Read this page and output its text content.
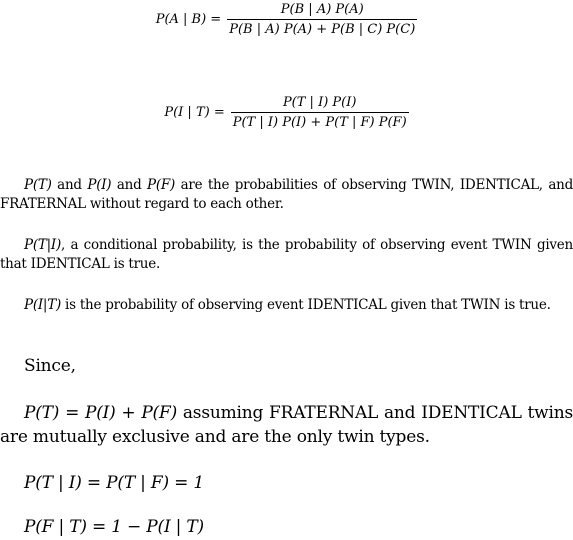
P(A | $B) = \frac{P(B | A) P(A)}{P(B | A) P(A) + P(B | C) P(C)}$
P(I | $T) = \frac{P(T | I) P(I)}{P(T | I) P(I) + P(T | F) P(F)}$
P(T) and P(I) and P(F) are the probabilities of observing TWIN, IDENTICAL, and FRATERNAL without regard to each other.
P(T|I), a conditional probability, is the probability of observing event TWIN given that IDENTICAL is true.
P(I|T) is the probability of observing event IDENTICAL given that TWIN is true.
Since,
P(T) = P(I) + P(F) assuming FRATERNAL and IDENTICAL twins are mutually exclusive and are the only twin types.
P(T | I) = P(T | F) = 1
P(F | T) = 1 − P(I | T)
